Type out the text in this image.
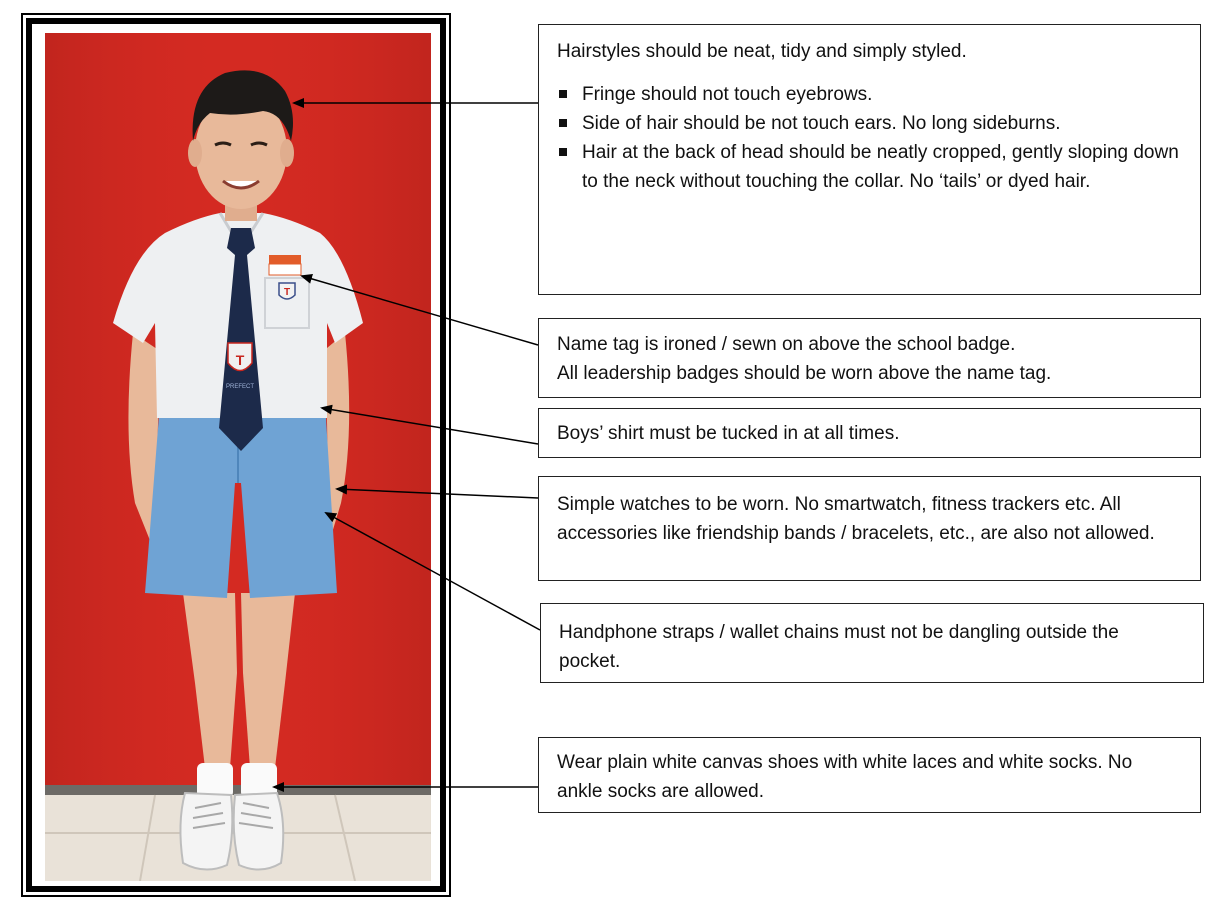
T
T
PREFECT

Hairstyles should be neat, tidy and simply styled.

Fringe should not touch eyebrows.
Side of hair should be not touch ears. No long sideburns.
Hair at the back of head should be neatly cropped, gently sloping down to the neck without touching the collar. No ‘tails’ or dyed hair.

Name tag is ironed / sewn on above the school badge.

All leadership badges should be worn above the name tag.

Boys’ shirt must be tucked in at all times.

Simple watches to be worn. No smartwatch, fitness trackers etc. All accessories like friendship bands / bracelets, etc., are also not allowed.

Handphone straps / wallet chains must not be dangling outside the pocket.

Wear plain white canvas shoes with white laces and white socks. No ankle socks are allowed.
